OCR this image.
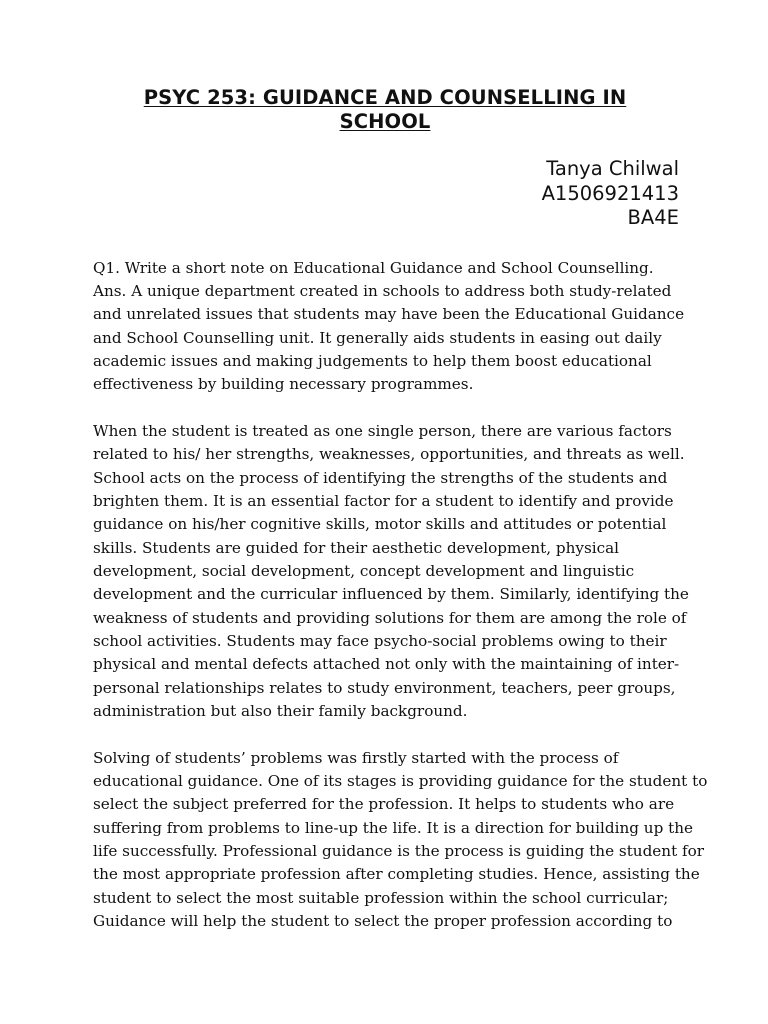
PSYC 253: GUIDANCE AND COUNSELLING IN
SCHOOL
Tanya Chilwal
A1506921413
BA4E

Q1. Write a short note on Educational Guidance and School Counselling.
Ans. A unique department created in schools to address both study-related
and unrelated issues that students may have been the Educational Guidance
and School Counselling unit. It generally aids students in easing out daily
academic issues and making judgements to help them boost educational
effectiveness by building necessary programmes.

When the student is treated as one single person, there are various factors
related to his/ her strengths, weaknesses, opportunities, and threats as well.
School acts on the process of identifying the strengths of the students and
brighten them. It is an essential factor for a student to identify and provide
guidance on his/her cognitive skills, motor skills and attitudes or potential
skills. Students are guided for their aesthetic development, physical
development, social development, concept development and linguistic
development and the curricular influenced by them. Similarly, identifying the
weakness of students and providing solutions for them are among the role of
school activities. Students may face psycho-social problems owing to their
physical and mental defects attached not only with the maintaining of inter-
personal relationships relates to study environment, teachers, peer groups,
administration but also their family background.

Solving of students’ problems was firstly started with the process of
educational guidance. One of its stages is providing guidance for the student to
select the subject preferred for the profession. It helps to students who are
suffering from problems to line-up the life. It is a direction for building up the
life successfully. Professional guidance is the process is guiding the student for
the most appropriate profession after completing studies. Hence, assisting the
student to select the most suitable profession within the school curricular;
Guidance will help the student to select the proper profession according to
